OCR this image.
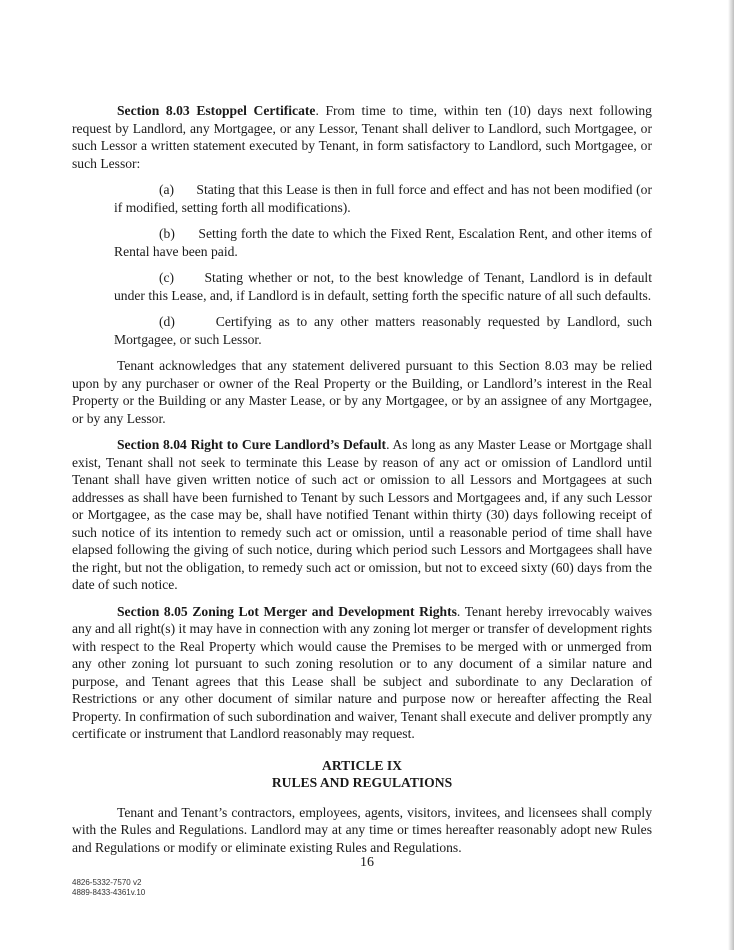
Section 8.03 Estoppel Certificate. From time to time, within ten (10) days next following request by Landlord, any Mortgagee, or any Lessor, Tenant shall deliver to Landlord, such Mortgagee, or such Lessor a written statement executed by Tenant, in form satisfactory to Landlord, such Mortgagee, or such Lessor:

(a)      Stating that this Lease is then in full force and effect and has not been modified (or if modified, setting forth all modifications).

(b)      Setting forth the date to which the Fixed Rent, Escalation Rent, and other items of Rental have been paid.

(c)      Stating whether or not, to the best knowledge of Tenant, Landlord is in default under this Lease, and, if Landlord is in default, setting forth the specific nature of all such defaults.

(d)      Certifying as to any other matters reasonably requested by Landlord, such Mortgagee, or such Lessor.

Tenant acknowledges that any statement delivered pursuant to this Section 8.03 may be relied upon by any purchaser or owner of the Real Property or the Building, or Landlord’s interest in the Real Property or the Building or any Master Lease, or by any Mortgagee, or by an assignee of any Mortgagee, or by any Lessor.

Section 8.04 Right to Cure Landlord’s Default. As long as any Master Lease or Mortgage shall exist, Tenant shall not seek to terminate this Lease by reason of any act or omission of Landlord until Tenant shall have given written notice of such act or omission to all Lessors and Mortgagees at such addresses as shall have been furnished to Tenant by such Lessors and Mortgagees and, if any such Lessor or Mortgagee, as the case may be, shall have notified Tenant within thirty (30) days following receipt of such notice of its intention to remedy such act or omission, until a reasonable period of time shall have elapsed following the giving of such notice, during which period such Lessors and Mortgagees shall have the right, but not the obligation, to remedy such act or omission, but not to exceed sixty (60) days from the date of such notice.

Section 8.05 Zoning Lot Merger and Development Rights. Tenant hereby irrevocably waives any and all right(s) it may have in connection with any zoning lot merger or transfer of development rights with respect to the Real Property which would cause the Premises to be merged with or unmerged from any other zoning lot pursuant to such zoning resolution or to any document of a similar nature and purpose, and Tenant agrees that this Lease shall be subject and subordinate to any Declaration of Restrictions or any other document of similar nature and purpose now or hereafter affecting the Real Property. In confirmation of such subordination and waiver, Tenant shall execute and deliver promptly any certificate or instrument that Landlord reasonably may request.

ARTICLE IX
RULES AND REGULATIONS

Tenant and Tenant’s contractors, employees, agents, visitors, invitees, and licensees shall comply with the Rules and Regulations. Landlord may at any time or times hereafter reasonably adopt new Rules and Regulations or modify or eliminate existing Rules and Regulations.

16
4826-5332-7570 v2
4889-8433-4361v.10
